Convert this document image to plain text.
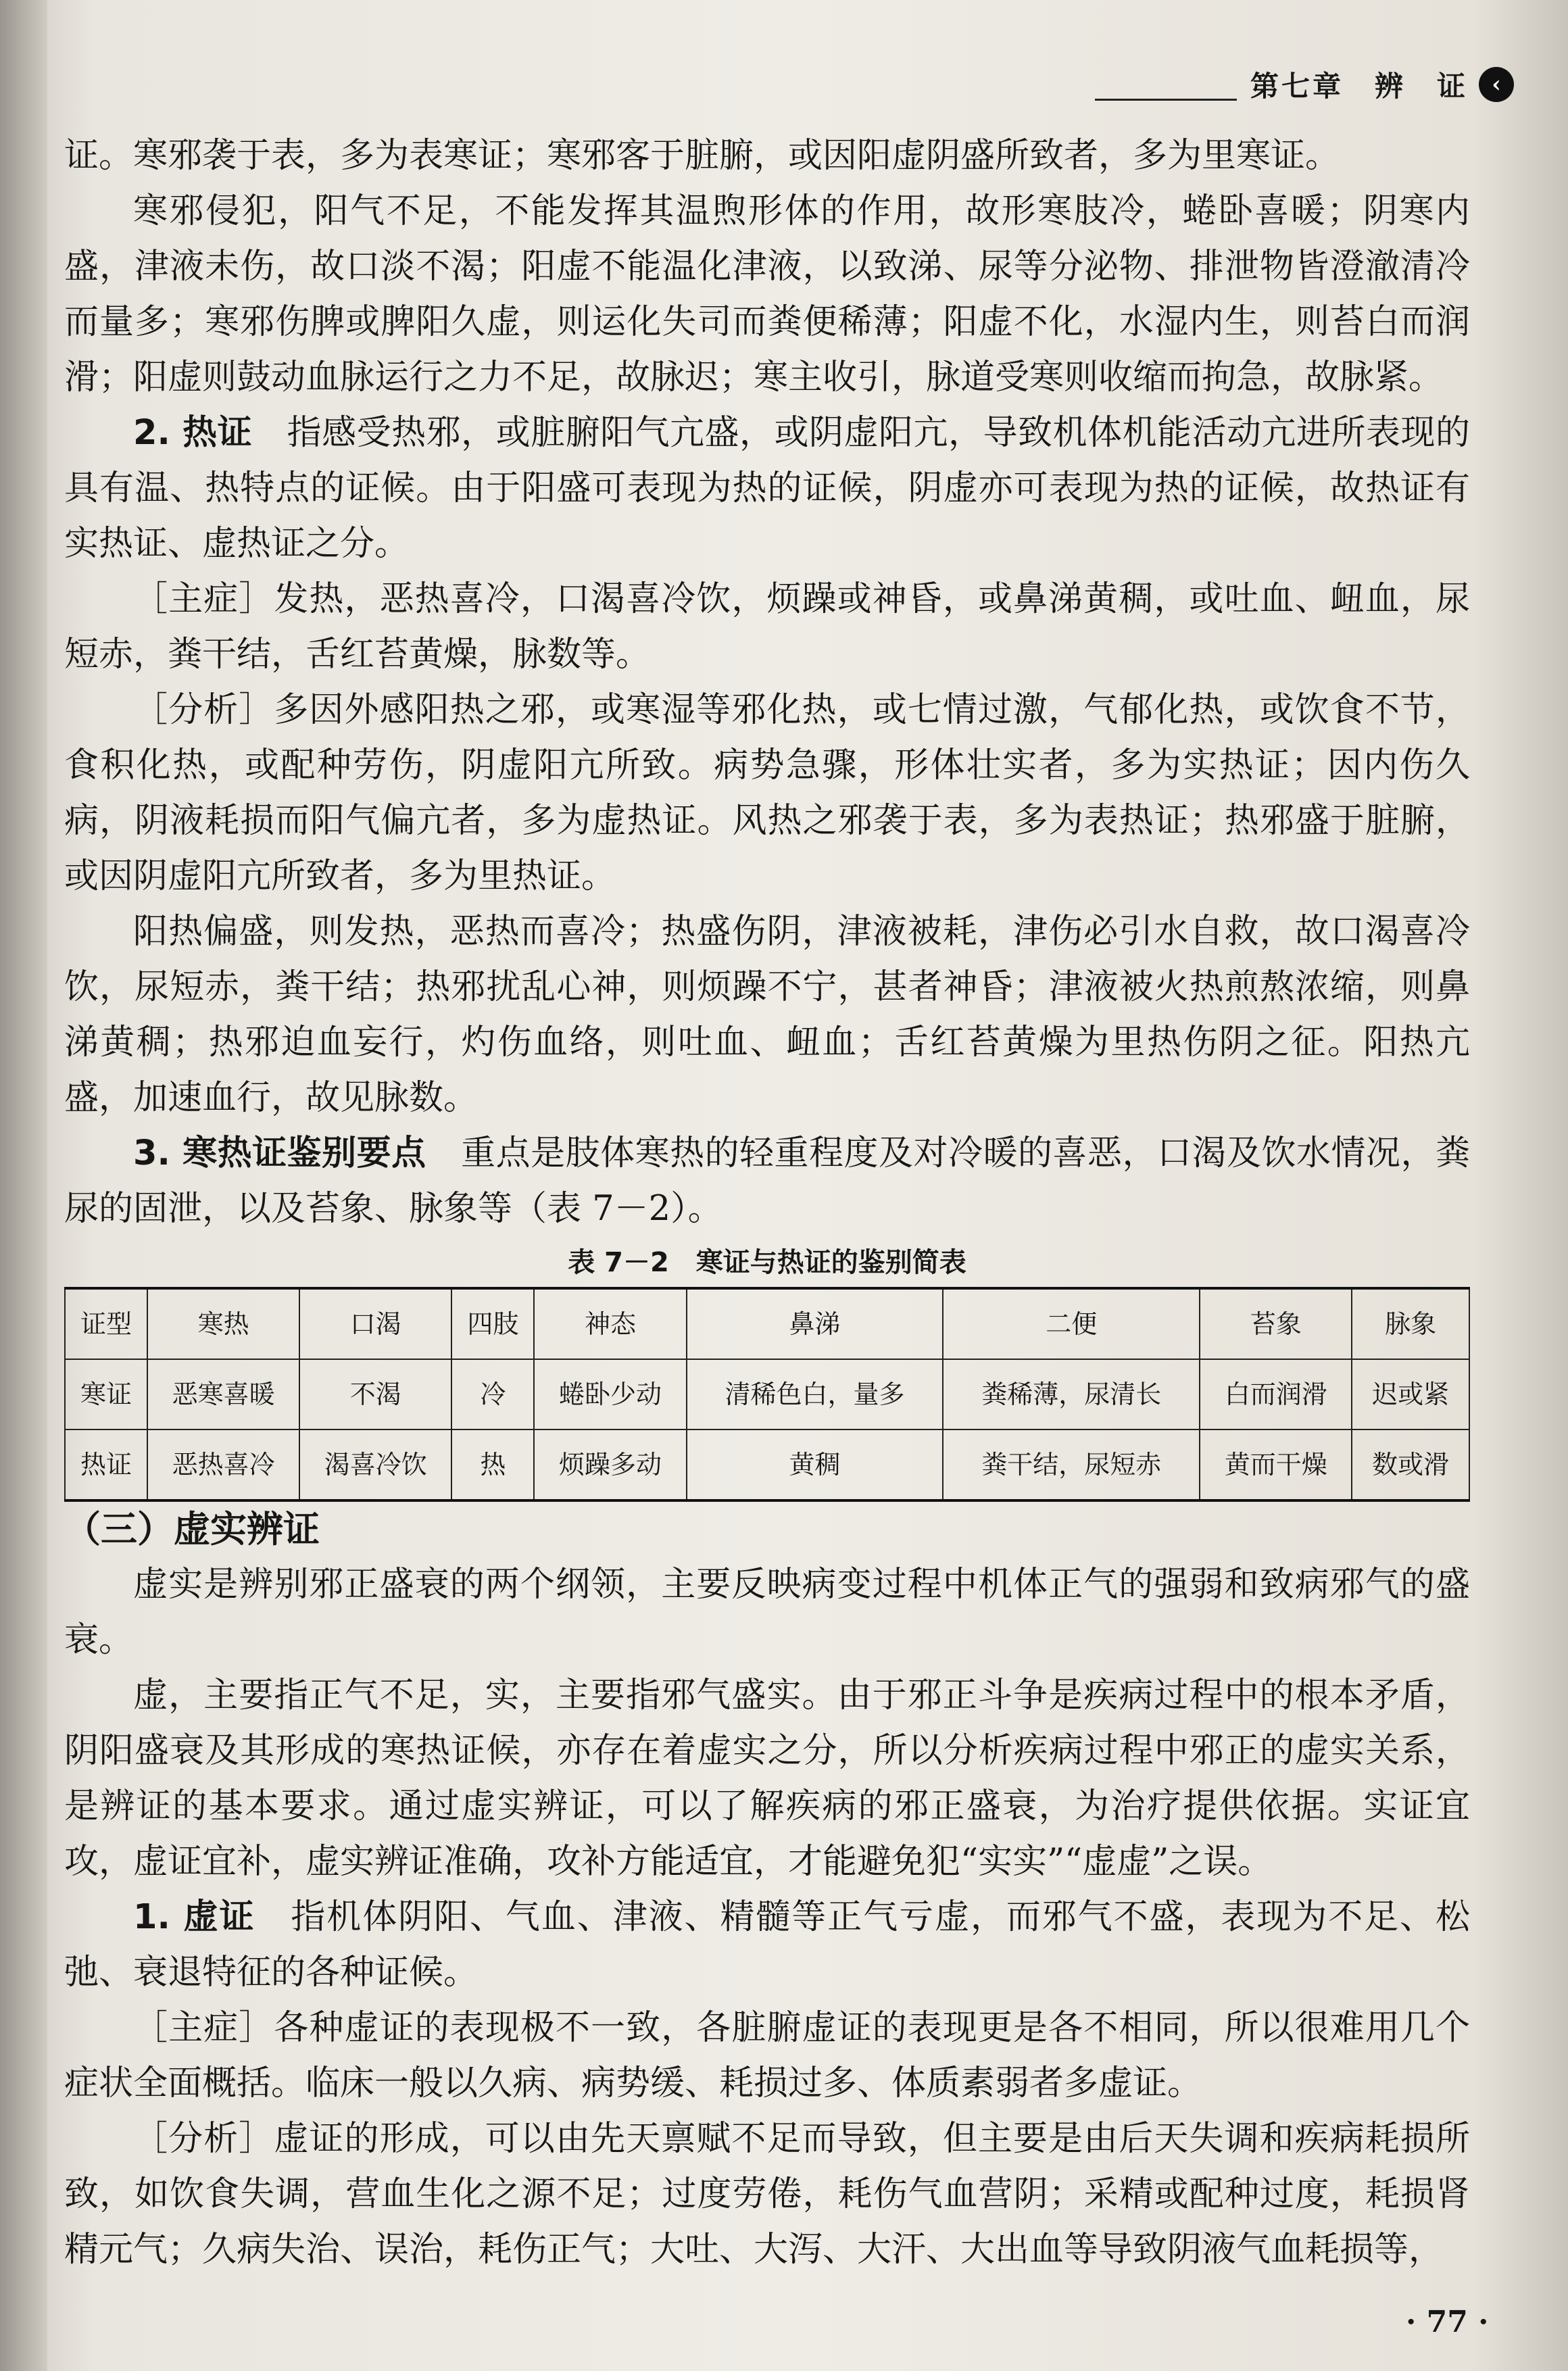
第七章　辨　证	‹

证。寒邪袭于表，多为表寒证；寒邪客于脏腑，或因阳虚阴盛所致者，多为里寒证。

寒邪侵犯，阳气不足，不能发挥其温煦形体的作用，故形寒肢冷，蜷卧喜暖；阴寒内盛，津液未伤，故口淡不渴；阳虚不能温化津液，以致涕、尿等分泌物、排泄物皆澄澈清冷而量多；寒邪伤脾或脾阳久虚，则运化失司而粪便稀薄；阳虚不化，水湿内生，则苔白而润滑；阳虚则鼓动血脉运行之力不足，故脉迟；寒主收引，脉道受寒则收缩而拘急，故脉紧。

2. 热证　 指感受热邪，或脏腑阳气亢盛，或阴虚阳亢，导致机体机能活动亢进所表现的具有温、热特点的证候。由于阳盛可表现为热的证候，阴虚亦可表现为热的证候，故热证有实热证、虚热证之分。

［主症］发热，恶热喜冷，口渴喜冷饮，烦躁或神昏，或鼻涕黄稠，或吐血、衄血，尿短赤，粪干结，舌红苔黄燥，脉数等。

［分析］多因外感阳热之邪，或寒湿等邪化热，或七情过激，气郁化热，或饮食不节，食积化热，或配种劳伤，阴虚阳亢所致。病势急骤，形体壮实者，多为实热证；因内伤久病，阴液耗损而阳气偏亢者，多为虚热证。风热之邪袭于表，多为表热证；热邪盛于脏腑，或因阴虚阳亢所致者，多为里热证。

阳热偏盛，则发热，恶热而喜冷；热盛伤阴，津液被耗，津伤必引水自救，故口渴喜冷饮，尿短赤，粪干结；热邪扰乱心神，则烦躁不宁，甚者神昏；津液被火热煎熬浓缩，则鼻涕黄稠；热邪迫血妄行，灼伤血络，则吐血、衄血；舌红苔黄燥为里热伤阴之征。阳热亢盛，加速血行，故见脉数。

3. 寒热证鉴别要点　 重点是肢体寒热的轻重程度及对冷暖的喜恶，口渴及饮水情况，粪尿的固泄，以及苔象、脉象等（表 7－2）。

表 7－2　寒证与热证的鉴别简表
证型	寒热	口渴	四肢	神态	鼻涕	二便	苔象	脉象
寒证	恶寒喜暖	不渴	冷	蜷卧少动	清稀色白，量多	粪稀薄，尿清长	白而润滑	迟或紧
热证	恶热喜冷	渴喜冷饮	热	烦躁多动	黄稠	粪干结，尿短赤	黄而干燥	数或滑

（三）虚实辨证

虚实是辨别邪正盛衰的两个纲领，主要反映病变过程中机体正气的强弱和致病邪气的盛衰。

虚，主要指正气不足，实，主要指邪气盛实。由于邪正斗争是疾病过程中的根本矛盾，阴阳盛衰及其形成的寒热证候，亦存在着虚实之分，所以分析疾病过程中邪正的虚实关系，是辨证的基本要求。通过虚实辨证，可以了解疾病的邪正盛衰，为治疗提供依据。实证宜攻，虚证宜补，虚实辨证准确，攻补方能适宜，才能避免犯“实实”“虚虚”之误。

1. 虚证　 指机体阴阳、气血、津液、精髓等正气亏虚，而邪气不盛，表现为不足、松弛、衰退特征的各种证候。

［主症］各种虚证的表现极不一致，各脏腑虚证的表现更是各不相同，所以很难用几个症状全面概括。临床一般以久病、病势缓、耗损过多、体质素弱者多虚证。

［分析］虚证的形成，可以由先天禀赋不足而导致，但主要是由后天失调和疾病耗损所致，如饮食失调，营血生化之源不足；过度劳倦，耗伤气血营阴；采精或配种过度，耗损肾精元气；久病失治、误治，耗伤正气；大吐、大泻、大汗、大出血等导致阴液气血耗损等，

· 77 ·
